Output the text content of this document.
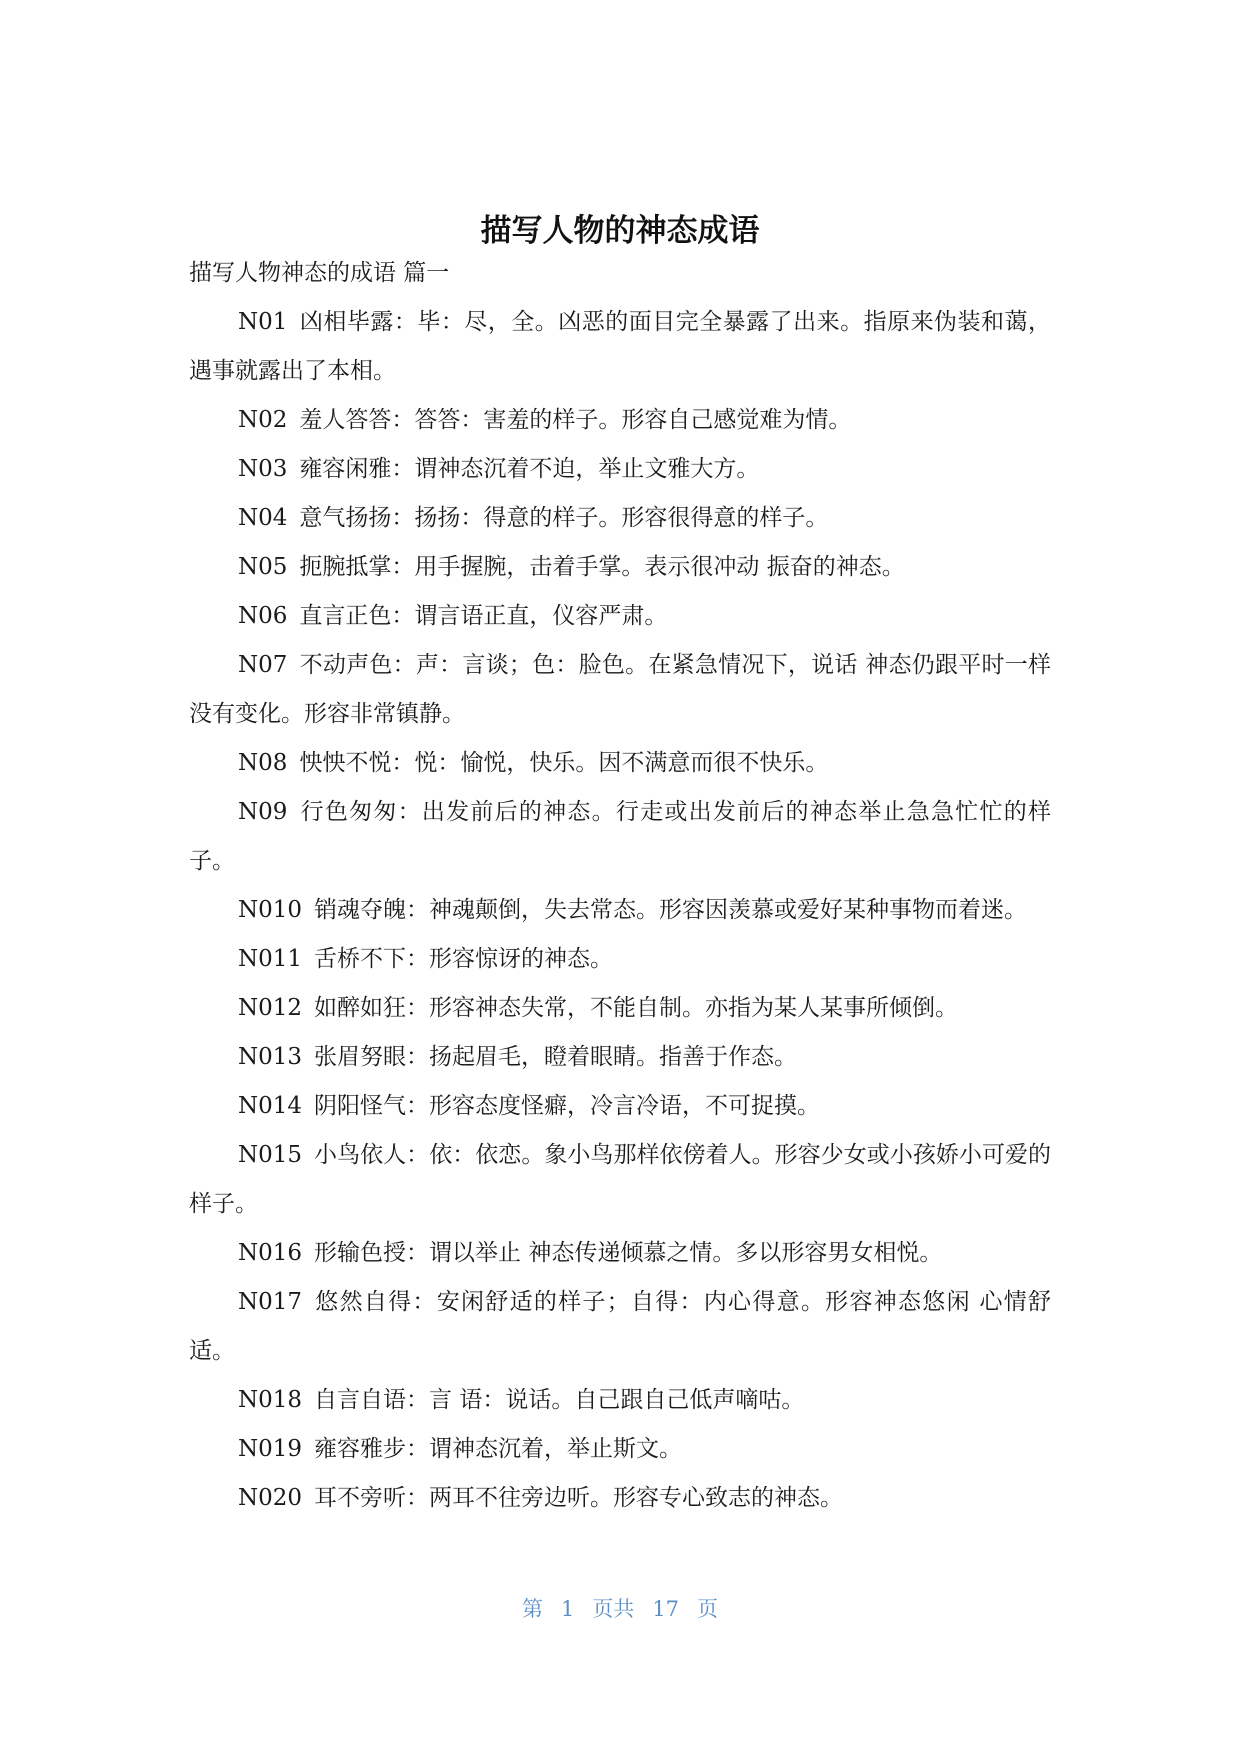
描写人物的神态成语

描写人物神态的成语 篇一

N01 凶相毕露：毕：尽，全。凶恶的面目完全暴露了出来。指原来伪装和蔼，遇事就露出了本相。

N02 羞人答答：答答：害羞的样子。形容自己感觉难为情。

N03 雍容闲雅：谓神态沉着不迫，举止文雅大方。

N04 意气扬扬：扬扬：得意的样子。形容很得意的样子。

N05 扼腕抵掌：用手握腕，击着手掌。表示很冲动 振奋的神态。

N06 直言正色：谓言语正直，仪容严肃。

N07 不动声色：声：言谈；色：脸色。在紧急情况下，说话 神态仍跟平时一样没有变化。形容非常镇静。

N08 怏怏不悦：悦：愉悦，快乐。因不满意而很不快乐。

N09 行色匆匆：出发前后的神态。行走或出发前后的神态举止急急忙忙的样子。

N010 销魂夺魄：神魂颠倒，失去常态。形容因羡慕或爱好某种事物而着迷。

N011 舌桥不下：形容惊讶的神态。

N012 如醉如狂：形容神态失常，不能自制。亦指为某人某事所倾倒。

N013 张眉努眼：扬起眉毛，瞪着眼睛。指善于作态。

N014 阴阳怪气：形容态度怪癖，冷言冷语，不可捉摸。

N015 小鸟依人：依：依恋。象小鸟那样依傍着人。形容少女或小孩娇小可爱的样子。

N016 形输色授：谓以举止 神态传递倾慕之情。多以形容男女相悦。

N017 悠然自得：安闲舒适的样子；自得：内心得意。形容神态悠闲 心情舒适。

N018 自言自语：言 语：说话。自己跟自己低声嘀咕。

N019 雍容雅步：谓神态沉着，举止斯文。

N020 耳不旁听：两耳不往旁边听。形容专心致志的神态。

第 1 页共 17 页
